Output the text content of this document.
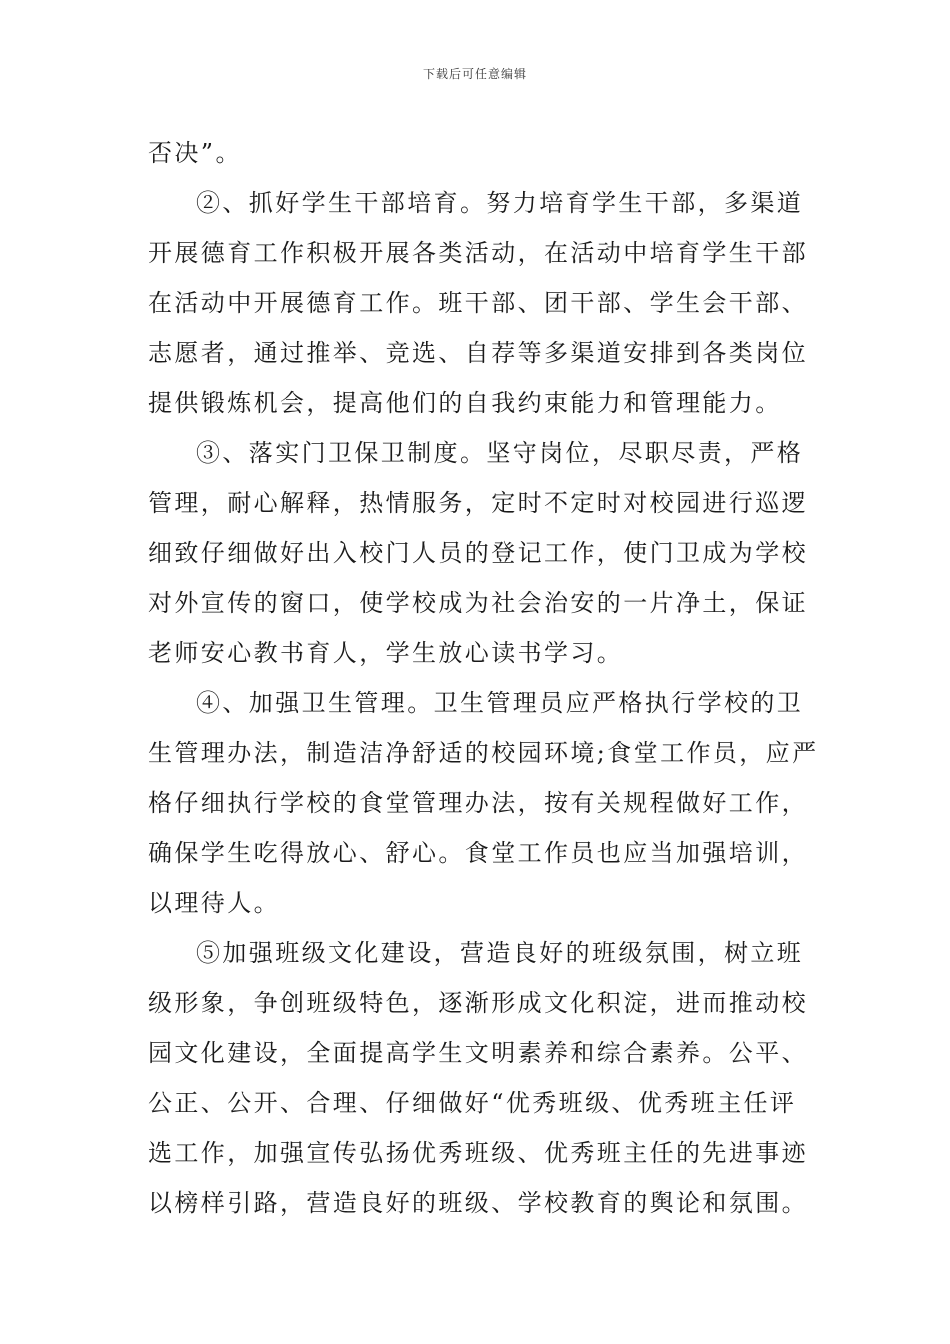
下载后可任意编辑
否决”。
②、抓好学生干部培育。努力培育学生干部，多渠道
开展德育工作积极开展各类活动，在活动中培育学生干部
在活动中开展德育工作。班干部、团干部、学生会干部、
志愿者，通过推举、竞选、自荐等多渠道安排到各类岗位
提供锻炼机会，提高他们的自我约束能力和管理能力。
③、落实门卫保卫制度。坚守岗位，尽职尽责，严格
管理，耐心解释，热情服务，定时不定时对校园进行巡逻
细致仔细做好出入校门人员的登记工作，使门卫成为学校
对外宣传的窗口，使学校成为社会治安的一片净土，保证
老师安心教书育人，学生放心读书学习。
④、加强卫生管理。卫生管理员应严格执行学校的卫
生管理办法，制造洁净舒适的校园环境;食堂工作员，应严
格仔细执行学校的食堂管理办法，按有关规程做好工作，
确保学生吃得放心、舒心。食堂工作员也应当加强培训，
以理待人。
⑤加强班级文化建设，营造良好的班级氛围，树立班
级形象，争创班级特色，逐渐形成文化积淀，进而推动校
园文化建设，全面提高学生文明素养和综合素养。公平、
公正、公开、合理、仔细做好“优秀班级、优秀班主任评
选工作，加强宣传弘扬优秀班级、优秀班主任的先进事迹
以榜样引路，营造良好的班级、学校教育的舆论和氛围。
